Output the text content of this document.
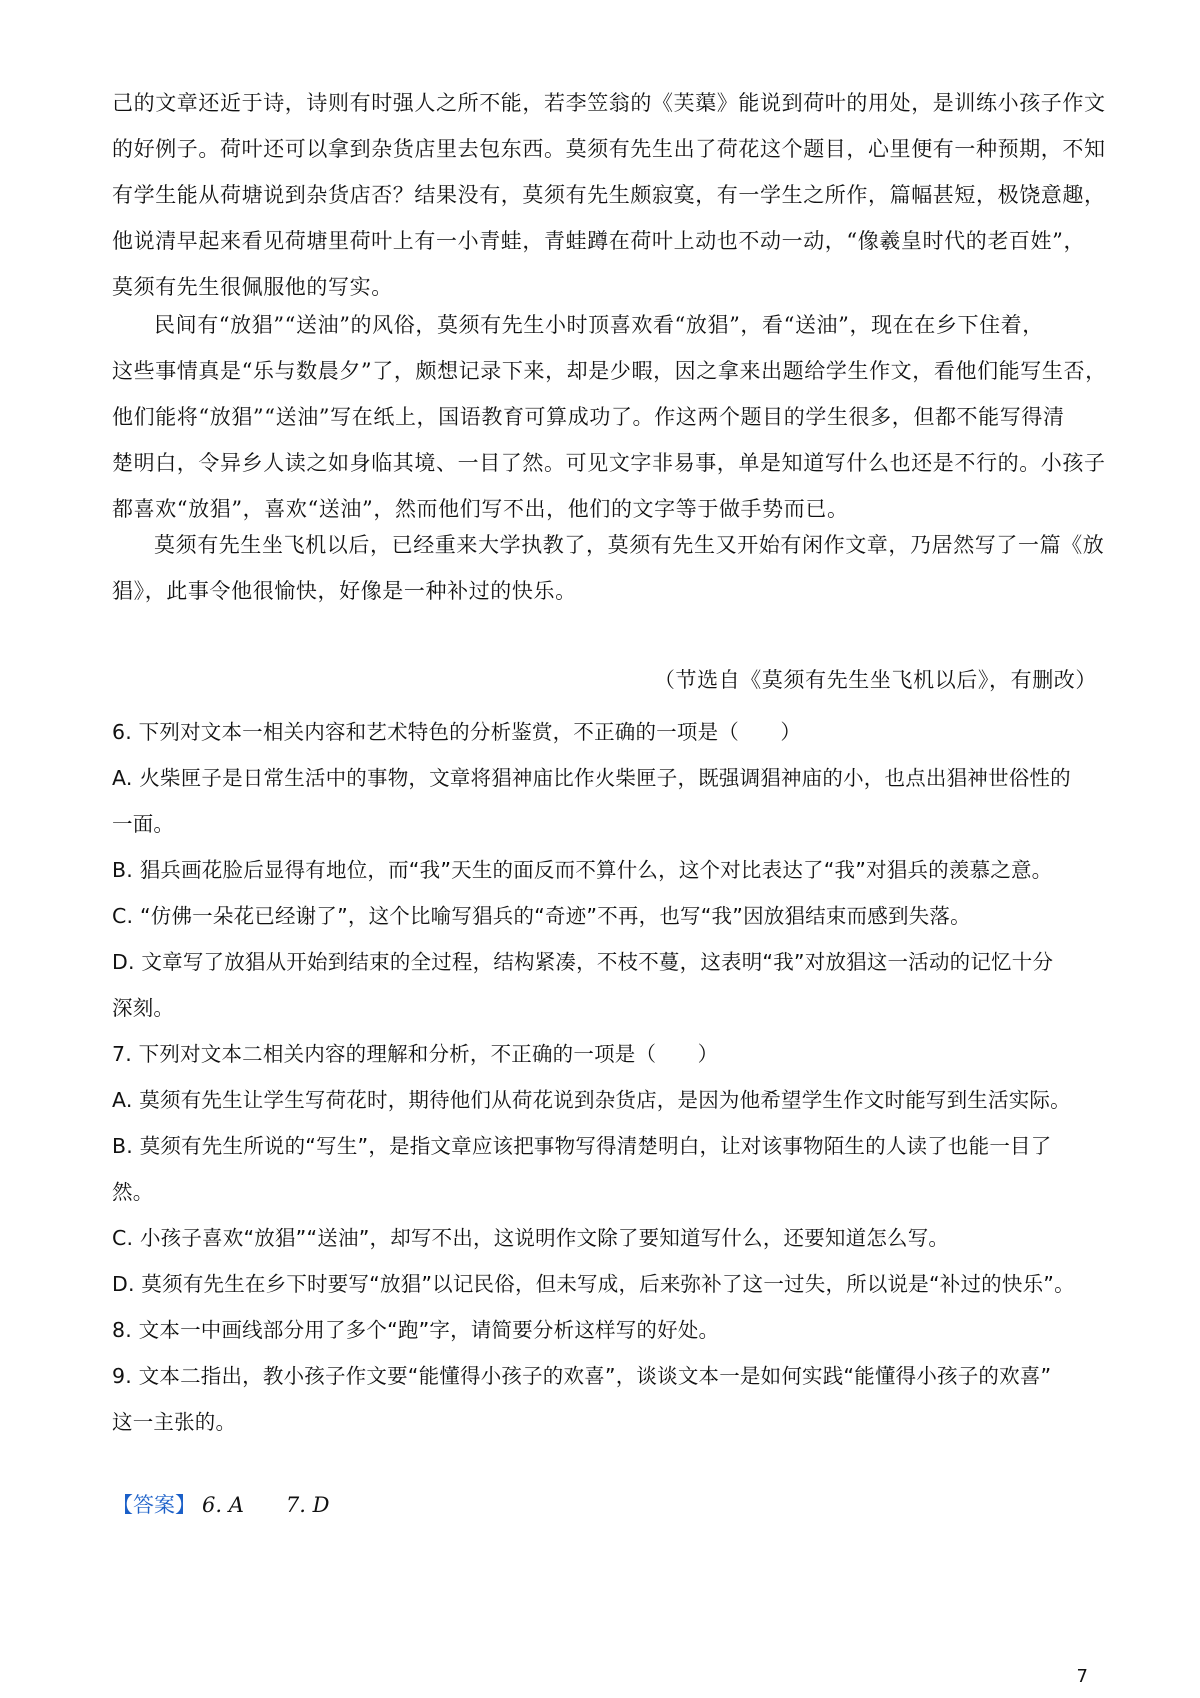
己的文章还近于诗，诗则有时强人之所不能，若李笠翁的《芙蕖》能说到荷叶的用处，是训练小孩子作文
的好例子。荷叶还可以拿到杂货店里去包东西。莫须有先生出了荷花这个题目，心里便有一种预期，不知
有学生能从荷塘说到杂货店否？结果没有，莫须有先生颇寂寞，有一学生之所作，篇幅甚短，极饶意趣，
他说清早起来看见荷塘里荷叶上有一小青蛙，青蛙蹲在荷叶上动也不动一动，“像羲皇时代的老百姓”，
莫须有先生很佩服他的写实。
民间有“放猖”“送油”的风俗，莫须有先生小时顶喜欢看“放猖”，看“送油”，现在在乡下住着，
这些事情真是“乐与数晨夕”了，颇想记录下来，却是少暇，因之拿来出题给学生作文，看他们能写生否，
他们能将“放猖”“送油”写在纸上，国语教育可算成功了。作这两个题目的学生很多，但都不能写得清
楚明白，令异乡人读之如身临其境、一目了然。可见文字非易事，单是知道写什么也还是不行的。小孩子
都喜欢“放猖”，喜欢“送油”，然而他们写不出，他们的文字等于做手势而已。
莫须有先生坐飞机以后，已经重来大学执教了，莫须有先生又开始有闲作文章，乃居然写了一篇《放
猖》，此事令他很愉快，好像是一种补过的快乐。
（节选自《莫须有先生坐飞机以后》，有删改）
6. 下列对文本一相关内容和艺术特色的分析鉴赏，不正确的一项是（　　）
A. 火柴匣子是日常生活中的事物，文章将猖神庙比作火柴匣子，既强调猖神庙的小，也点出猖神世俗性的
一面。
B. 猖兵画花脸后显得有地位，而“我”天生的面反而不算什么，这个对比表达了“我”对猖兵的羡慕之意。
C. “仿佛一朵花已经谢了”，这个比喻写猖兵的“奇迹”不再，也写“我”因放猖结束而感到失落。
D. 文章写了放猖从开始到结束的全过程，结构紧凑，不枝不蔓，这表明“我”对放猖这一活动的记忆十分
深刻。
7. 下列对文本二相关内容的理解和分析，不正确的一项是（　　）
A. 莫须有先生让学生写荷花时，期待他们从荷花说到杂货店，是因为他希望学生作文时能写到生活实际。
B. 莫须有先生所说的“写生”，是指文章应该把事物写得清楚明白，让对该事物陌生的人读了也能一目了
然。
C. 小孩子喜欢“放猖”“送油”，却写不出，这说明作文除了要知道写什么，还要知道怎么写。
D. 莫须有先生在乡下时要写“放猖”以记民俗，但未写成，后来弥补了这一过失，所以说是“补过的快乐”。
8. 文本一中画线部分用了多个“跑”字，请简要分析这样写的好处。
9. 文本二指出，教小孩子作文要“能懂得小孩子的欢喜”，谈谈文本一是如何实践“能懂得小孩子的欢喜”
这一主张的。
【答案】 6. A　　7. D
7
